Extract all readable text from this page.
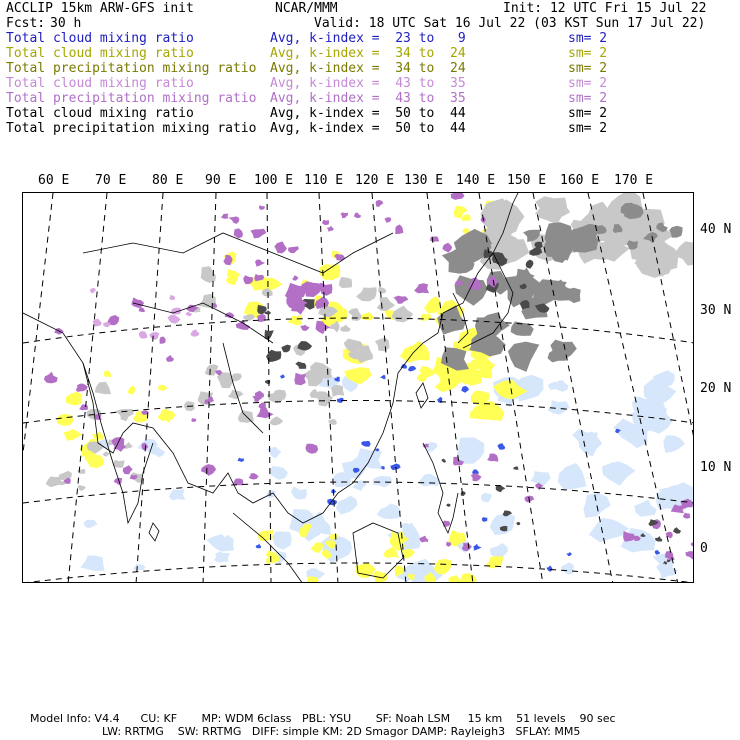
ACCLIP 15km ARW-GFS init	NCAR/MMM	Init: 12 UTC Fri 15 Jul 22
Fcst: 30 h	Valid: 18 UTC Sat 16 Jul 22 (03 KST Sun 17 Jul 22)
Total cloud mixing ratio	Avg, k-index =  23 to   9	sm= 2
Total cloud mixing ratio	Avg, k-index =  34 to  24	sm= 2
Total precipitation mixing ratio Avg, k-index =  34 to  24	sm= 2
Total cloud mixing ratio	Avg, k-index =  43 to  35	sm= 2
Total precipitation mixing ratio Avg, k-index =  43 to  35	sm= 2
Total cloud mixing ratio	Avg, k-index =  50 to  44	sm= 2
Total precipitation mixing ratio Avg, k-index =  50 to  44	sm= 2
60 E 70 E 80 E 90 E 100 E 110 E 120 E 130 E 140 E 150 E 160 E 170 E
40 N
30 N
20 N
10 N
0
Model Info: V4.4      CU: KF       MP: WDM 6class   PBL: YSU       SF: Noah LSM     15 km    51 levels    90 sec
LW: RRTMG    SW: RRTMG   DIFF: simple KM: 2D Smagor DAMP: Rayleigh3   SFLAY: MM5
